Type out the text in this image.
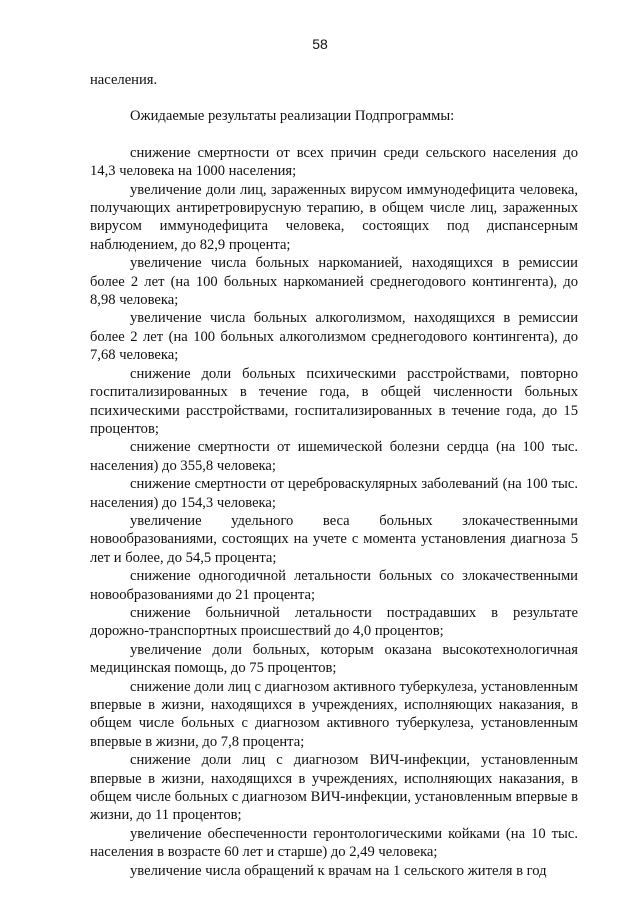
58

населения.

Ожидаемые результаты реализации Подпрограммы:

снижение смертности от всех причин среди сельского населения до 14,3 человека на 1000 населения;

увеличение доли лиц, зараженных вирусом иммунодефицита человека, получающих антиретровирусную терапию, в общем числе лиц, зараженных вирусом иммунодефицита человека, состоящих под диспансерным наблюдением, до 82,9 процента;

увеличение числа больных наркоманией, находящихся в ремиссии более 2 лет (на 100 больных наркоманией среднегодового контингента), до 8,98 человека;

увеличение числа больных алкоголизмом, находящихся в ремиссии более 2 лет (на 100 больных алкоголизмом среднегодового контингента), до 7,68 человека;

снижение доли больных психическими расстройствами, повторно госпитализированных в течение года, в общей численности больных психическими расстройствами, госпитализированных в течение года, до 15 процентов;

снижение смертности от ишемической болезни сердца (на 100 тыс. населения) до 355,8 человека;

снижение смертности от цереброваскулярных заболеваний (на 100 тыс. населения) до 154,3 человека;

увеличение удельного веса больных злокачественными новообразованиями, состоящих на учете с момента установления диагноза 5 лет и более, до 54,5 процента;

снижение одногодичной летальности больных со злокачественными новообразованиями до 21 процента;

снижение больничной летальности пострадавших в результате дорожно-транспортных происшествий до 4,0 процентов;

увеличение доли больных, которым оказана высокотехнологичная медицинская помощь, до 75 процентов;

снижение доли лиц с диагнозом активного туберкулеза, установленным впервые в жизни, находящихся в учреждениях, исполняющих наказания, в общем числе больных с диагнозом активного туберкулеза, установленным впервые в жизни, до 7,8 процента;

снижение доли лиц с диагнозом ВИЧ-инфекции, установленным впервые в жизни, находящихся в учреждениях, исполняющих наказания, в общем числе больных с диагнозом ВИЧ-инфекции, установленным впервые в жизни, до 11 процентов;

увеличение обеспеченности геронтологическими койками (на 10 тыс. населения в возрасте 60 лет и старше) до 2,49 человека;

увеличение числа обращений к врачам на 1 сельского жителя в год
